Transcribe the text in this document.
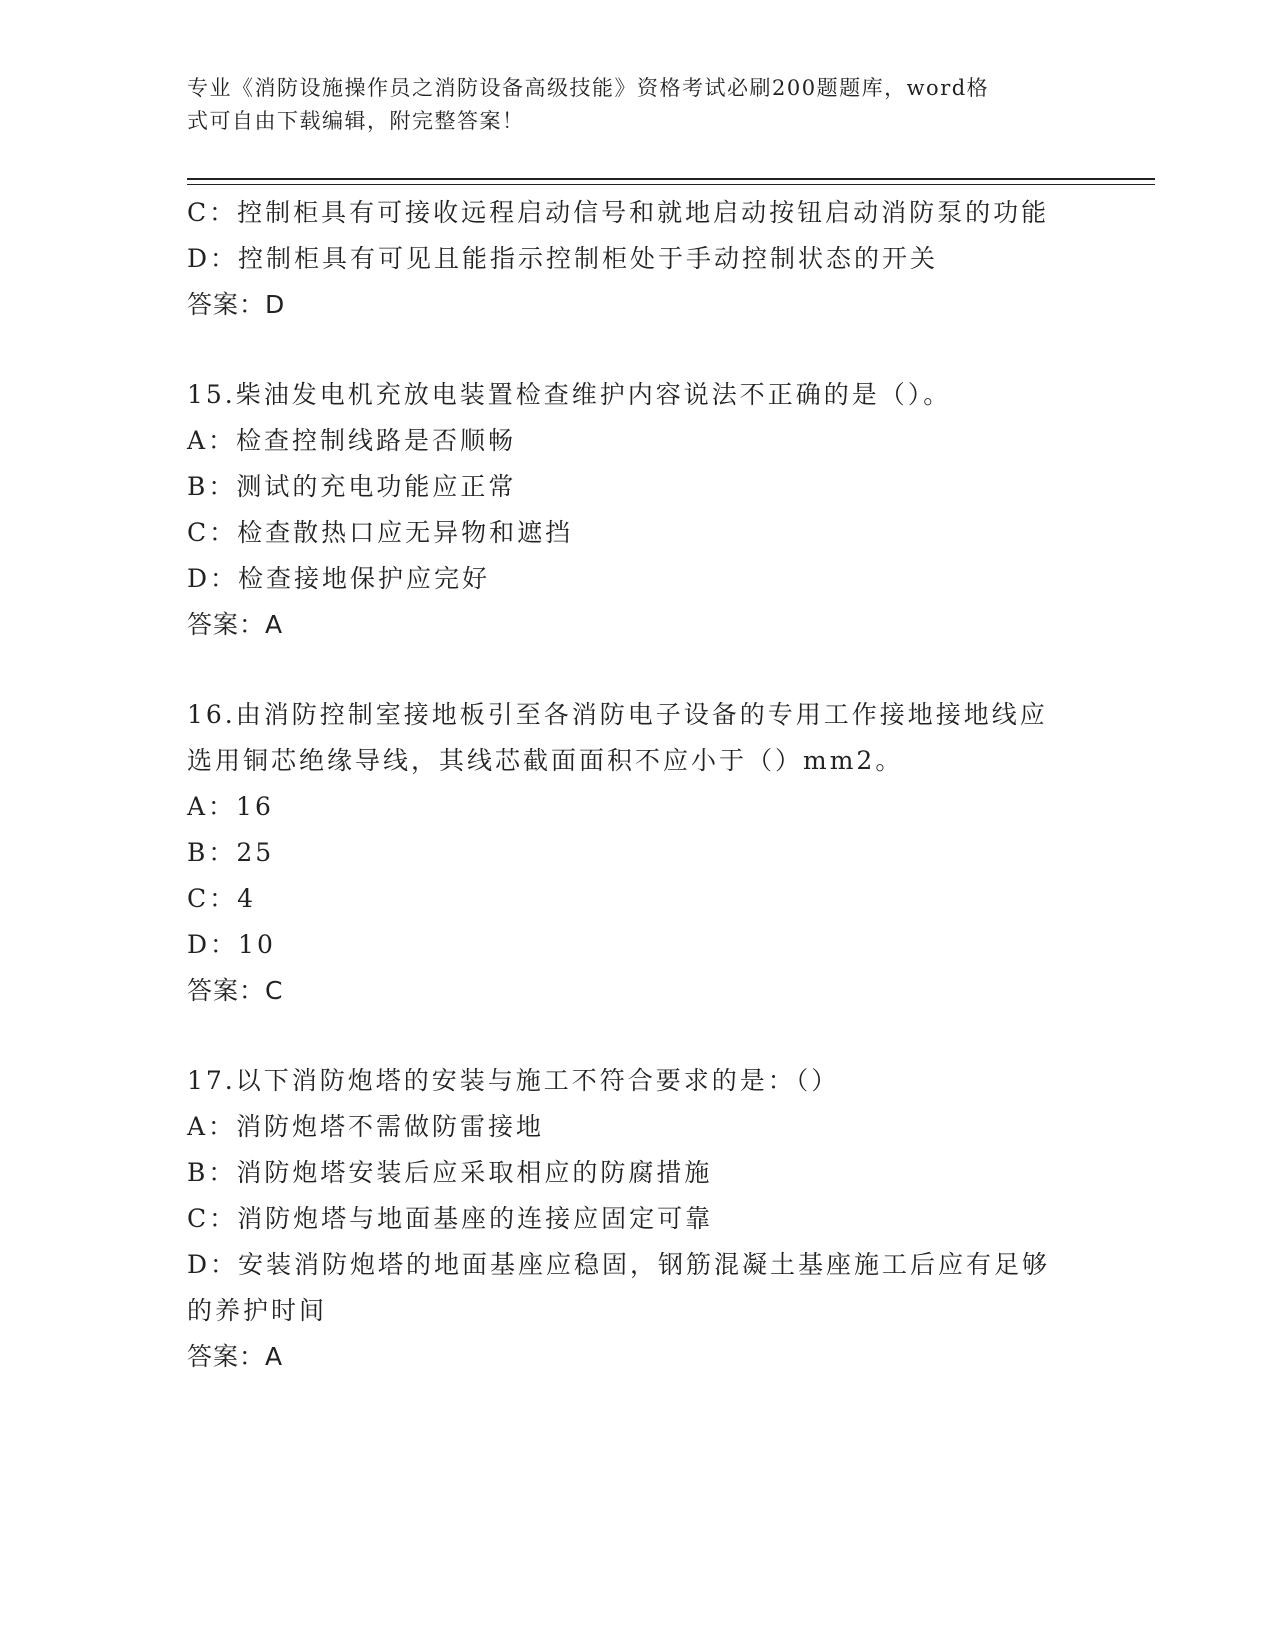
专业《消防设施操作员之消防设备高级技能》资格考试必刷200题题库，word格
式可自由下载编辑，附完整答案！
C：控制柜具有可接收远程启动信号和就地启动按钮启动消防泵的功能
D：控制柜具有可见且能指示控制柜处于手动控制状态的开关
答案：D
15.柴油发电机充放电装置检查维护内容说法不正确的是（）。
A：检查控制线路是否顺畅
B：测试的充电功能应正常
C：检查散热口应无异物和遮挡
D：检查接地保护应完好
答案：A
16.由消防控制室接地板引至各消防电子设备的专用工作接地接地线应
选用铜芯绝缘导线，其线芯截面面积不应小于（）mm2。
A：16
B：25
C：4
D：10
答案：C
17.以下消防炮塔的安装与施工不符合要求的是：（）
A：消防炮塔不需做防雷接地
B：消防炮塔安装后应采取相应的防腐措施
C：消防炮塔与地面基座的连接应固定可靠
D：安装消防炮塔的地面基座应稳固，钢筋混凝土基座施工后应有足够
的养护时间
答案：A
